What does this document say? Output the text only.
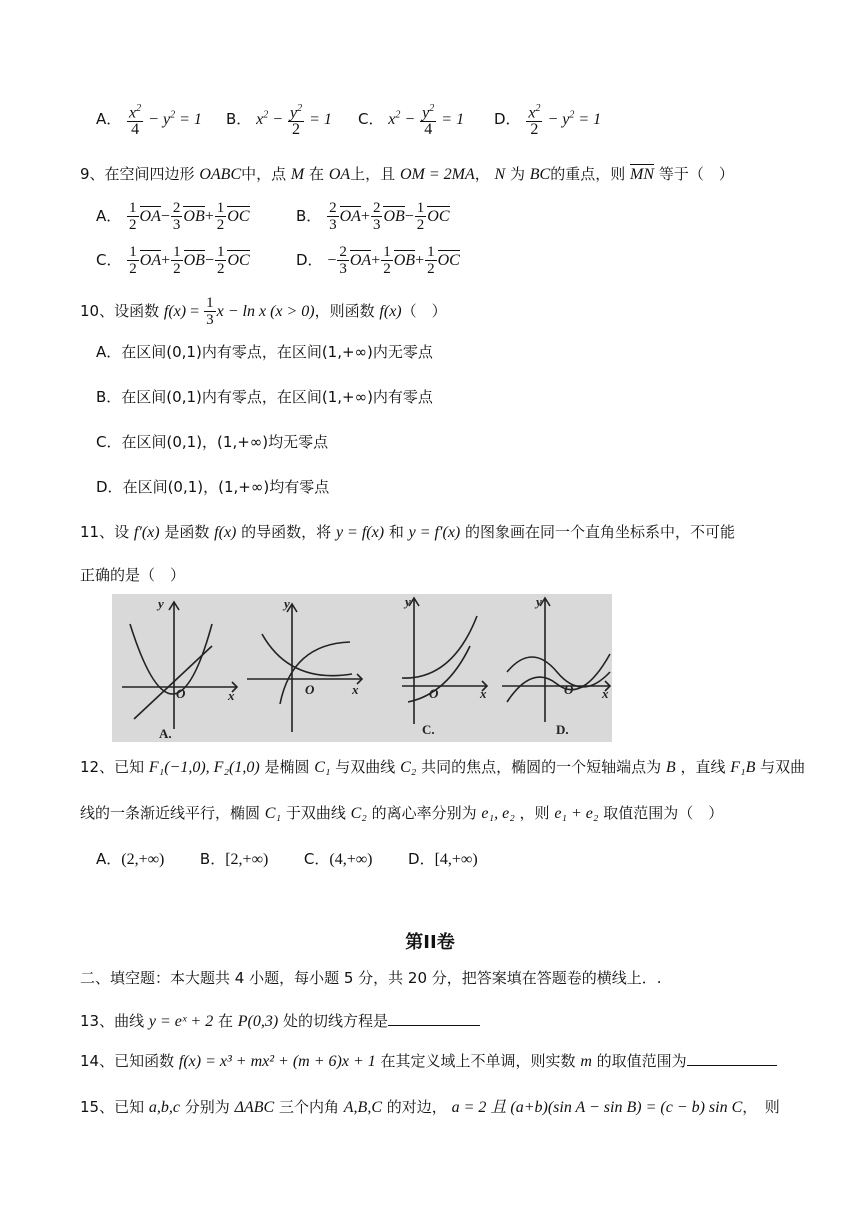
A． $\frac{x^2}{4} - y^2 = 1$ B． $x^2 - \frac{y^2}{2} = 1$ C． $x^2 - \frac{y^2}{4} = 1$ D． $\frac{x^2}{2} - y^2 = 1$
9、在空间四边形 OABC中，点 M 在 OA上，且 OM = 2MA， N 为 BC的重点，则 MN 等于（　）
A． $\frac{1}{2} OA- \frac{2}{3} OB+ \frac{1}{2}$ OC	B． $\frac{2}{3} OA+ \frac{2}{3} OB- \frac{1}{2}$ OC
C． $\frac{1}{2} OA+ \frac{1}{2} OB- \frac{1}{2}$ OC	D． − $\frac{2}{3} OA+ \frac{1}{2} OB+ \frac{1}{2}$ OC
10、设函数 $f(x) = \frac{1}{3}$ x − ln x (x > 0)，则函数 f(x)（　）
A．在区间(0,1)内有零点，在区间(1,+∞)内无零点
B．在区间(0,1)内有零点，在区间(1,+∞)内有零点
C．在区间(0,1)，(1,+∞)均无零点
D．在区间(0,1)，(1,+∞)均有零点
11、设 f′(x) 是函数 f(x) 的导函数，将 y = f(x) 和 y = f′(x) 的图象画在同一个直角坐标系中，不可能
正确的是（　）
y
x
O
y
x
O
y
x
O
y
x
O
A.	C.	D.
12、已知 F₁(−1,0), F₂(1,0) 是椭圆 C₁ 与双曲线 C₂ 共同的焦点，椭圆的一个短轴端点为 B ，直线 F₁B 与双曲
线的一条渐近线平行，椭圆 C₁ 于双曲线 C₂ 的离心率分别为 e₁, e₂ ，则 e₁ + e₂ 取值范围为（　）
A．(2,+∞) B．[2,+∞) C．(4,+∞) D．[4,+∞)
第II卷
二、填空题：本大题共 4 小题，每小题 5 分，共 20 分，把答案填在答题卷的横线上．.
13、曲线 y = eˣ + 2 在 P(0,3) 处的切线方程是
14、已知函数 f(x) = x³ + mx² + (m + 6)x + 1 在其定义域上不单调，则实数 m 的取值范围为
15、已知 a,b,c 分别为 ΔABC 三个内角 A,B,C 的对边， a = 2 且 (a+b)(sin A − sin B) = (c − b) sin C，　则
